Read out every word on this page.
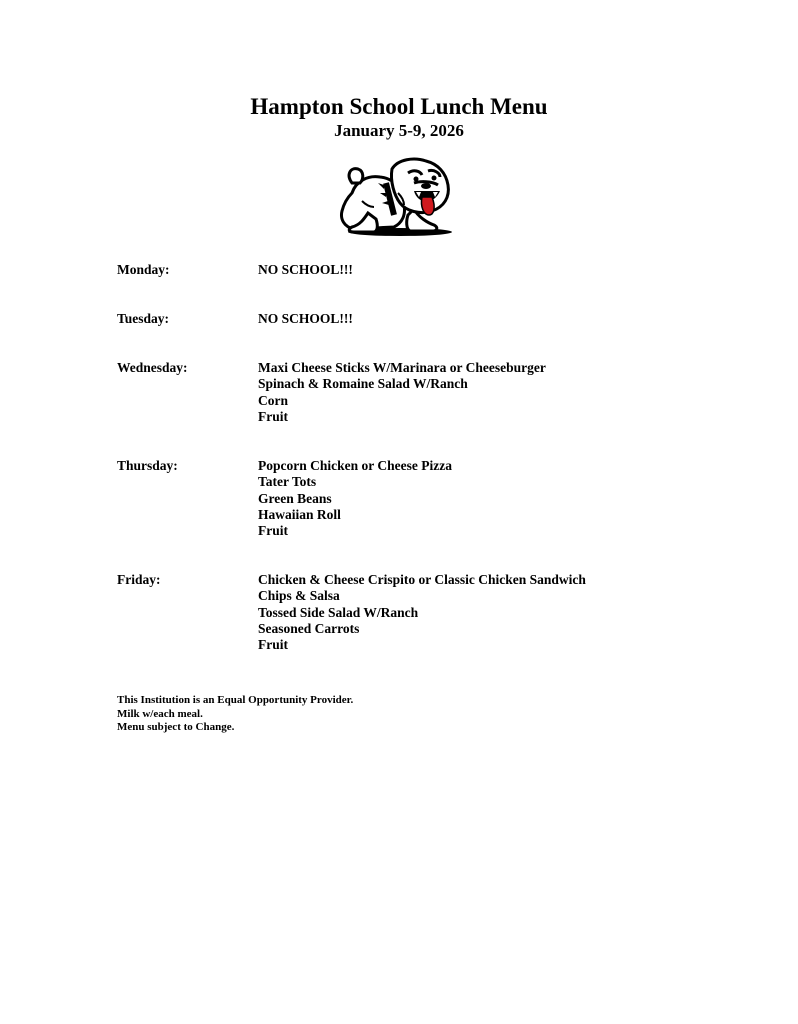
Hampton School Lunch Menu
January 5-9, 2026
Monday:	NO SCHOOL!!!
Tuesday:	NO SCHOOL!!!
Wednesday:	Maxi Cheese Sticks W/Marinara or Cheeseburger
Spinach & Romaine Salad W/Ranch
Corn
Fruit
Thursday:	Popcorn Chicken or Cheese Pizza
Tater Tots
Green Beans
Hawaiian Roll
Fruit
Friday:	Chicken & Cheese Crispito or Classic Chicken Sandwich
Chips & Salsa
Tossed Side Salad W/Ranch
Seasoned Carrots
Fruit
This Institution is an Equal Opportunity Provider.
Milk w/each meal.
Menu subject to Change.
